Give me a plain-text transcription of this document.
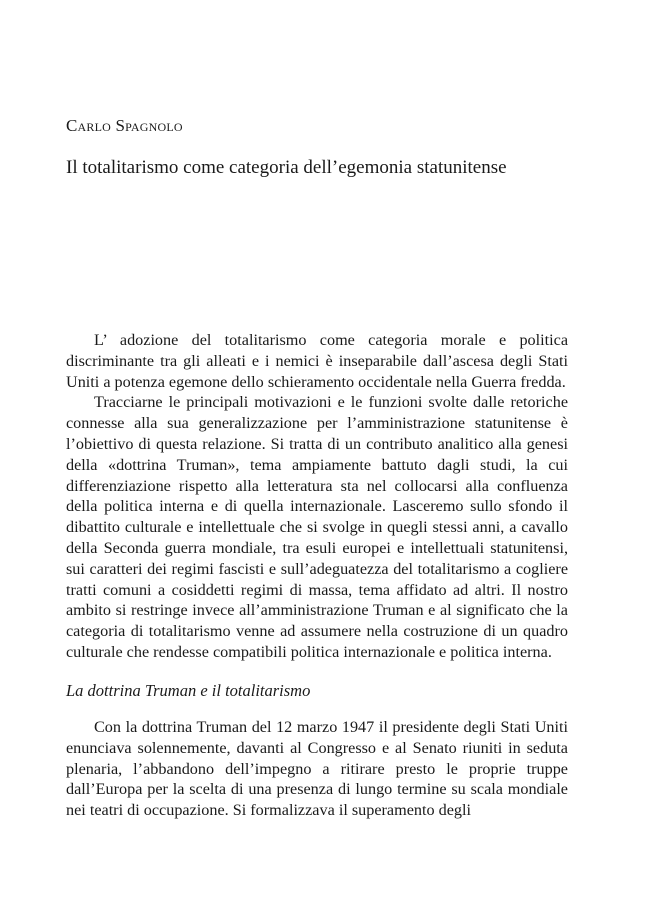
Carlo Spagnolo
Il totalitarismo come categoria dell’egemonia statunitense

L’ adozione del totalitarismo come categoria morale e politica discriminante tra gli alleati e i nemici è inseparabile dall’ascesa degli Stati Uniti a potenza egemone dello schieramento occidentale nella Guerra fredda.

Tracciarne le principali motivazioni e le funzioni svolte dalle retoriche connesse alla sua generalizzazione per l’amministrazione statunitense è l’obiettivo di questa relazione. Si tratta di un contributo analitico alla genesi della «dottrina Truman», tema ampiamente battuto dagli studi, la cui differenziazione rispetto alla letteratura sta nel collocarsi alla confluenza della politica interna e di quella internazionale. Lasceremo sullo sfondo il dibattito culturale e intellettuale che si svolge in quegli stessi anni, a cavallo della Seconda guerra mondiale, tra esuli europei e intellettuali statunitensi, sui caratteri dei regimi fascisti e sull’adeguatezza del totalitarismo a cogliere tratti comuni a cosiddetti regimi di massa, tema affidato ad altri. Il nostro ambito si restringe invece all’amministrazione Truman e al significato che la categoria di totalitarismo venne ad assumere nella costruzione di un quadro culturale che rendesse compatibili politica internazionale e politica interna.

La dottrina Truman e il totalitarismo

Con la dottrina Truman del 12 marzo 1947 il presidente degli Stati Uniti enunciava solennemente, davanti al Congresso e al Senato riuniti in seduta plenaria, l’abbandono dell’impegno a ritirare presto le proprie truppe dall’Europa per la scelta di una presenza di lungo termine su scala mondiale nei teatri di occupazione. Si formalizzava il superamento degli
